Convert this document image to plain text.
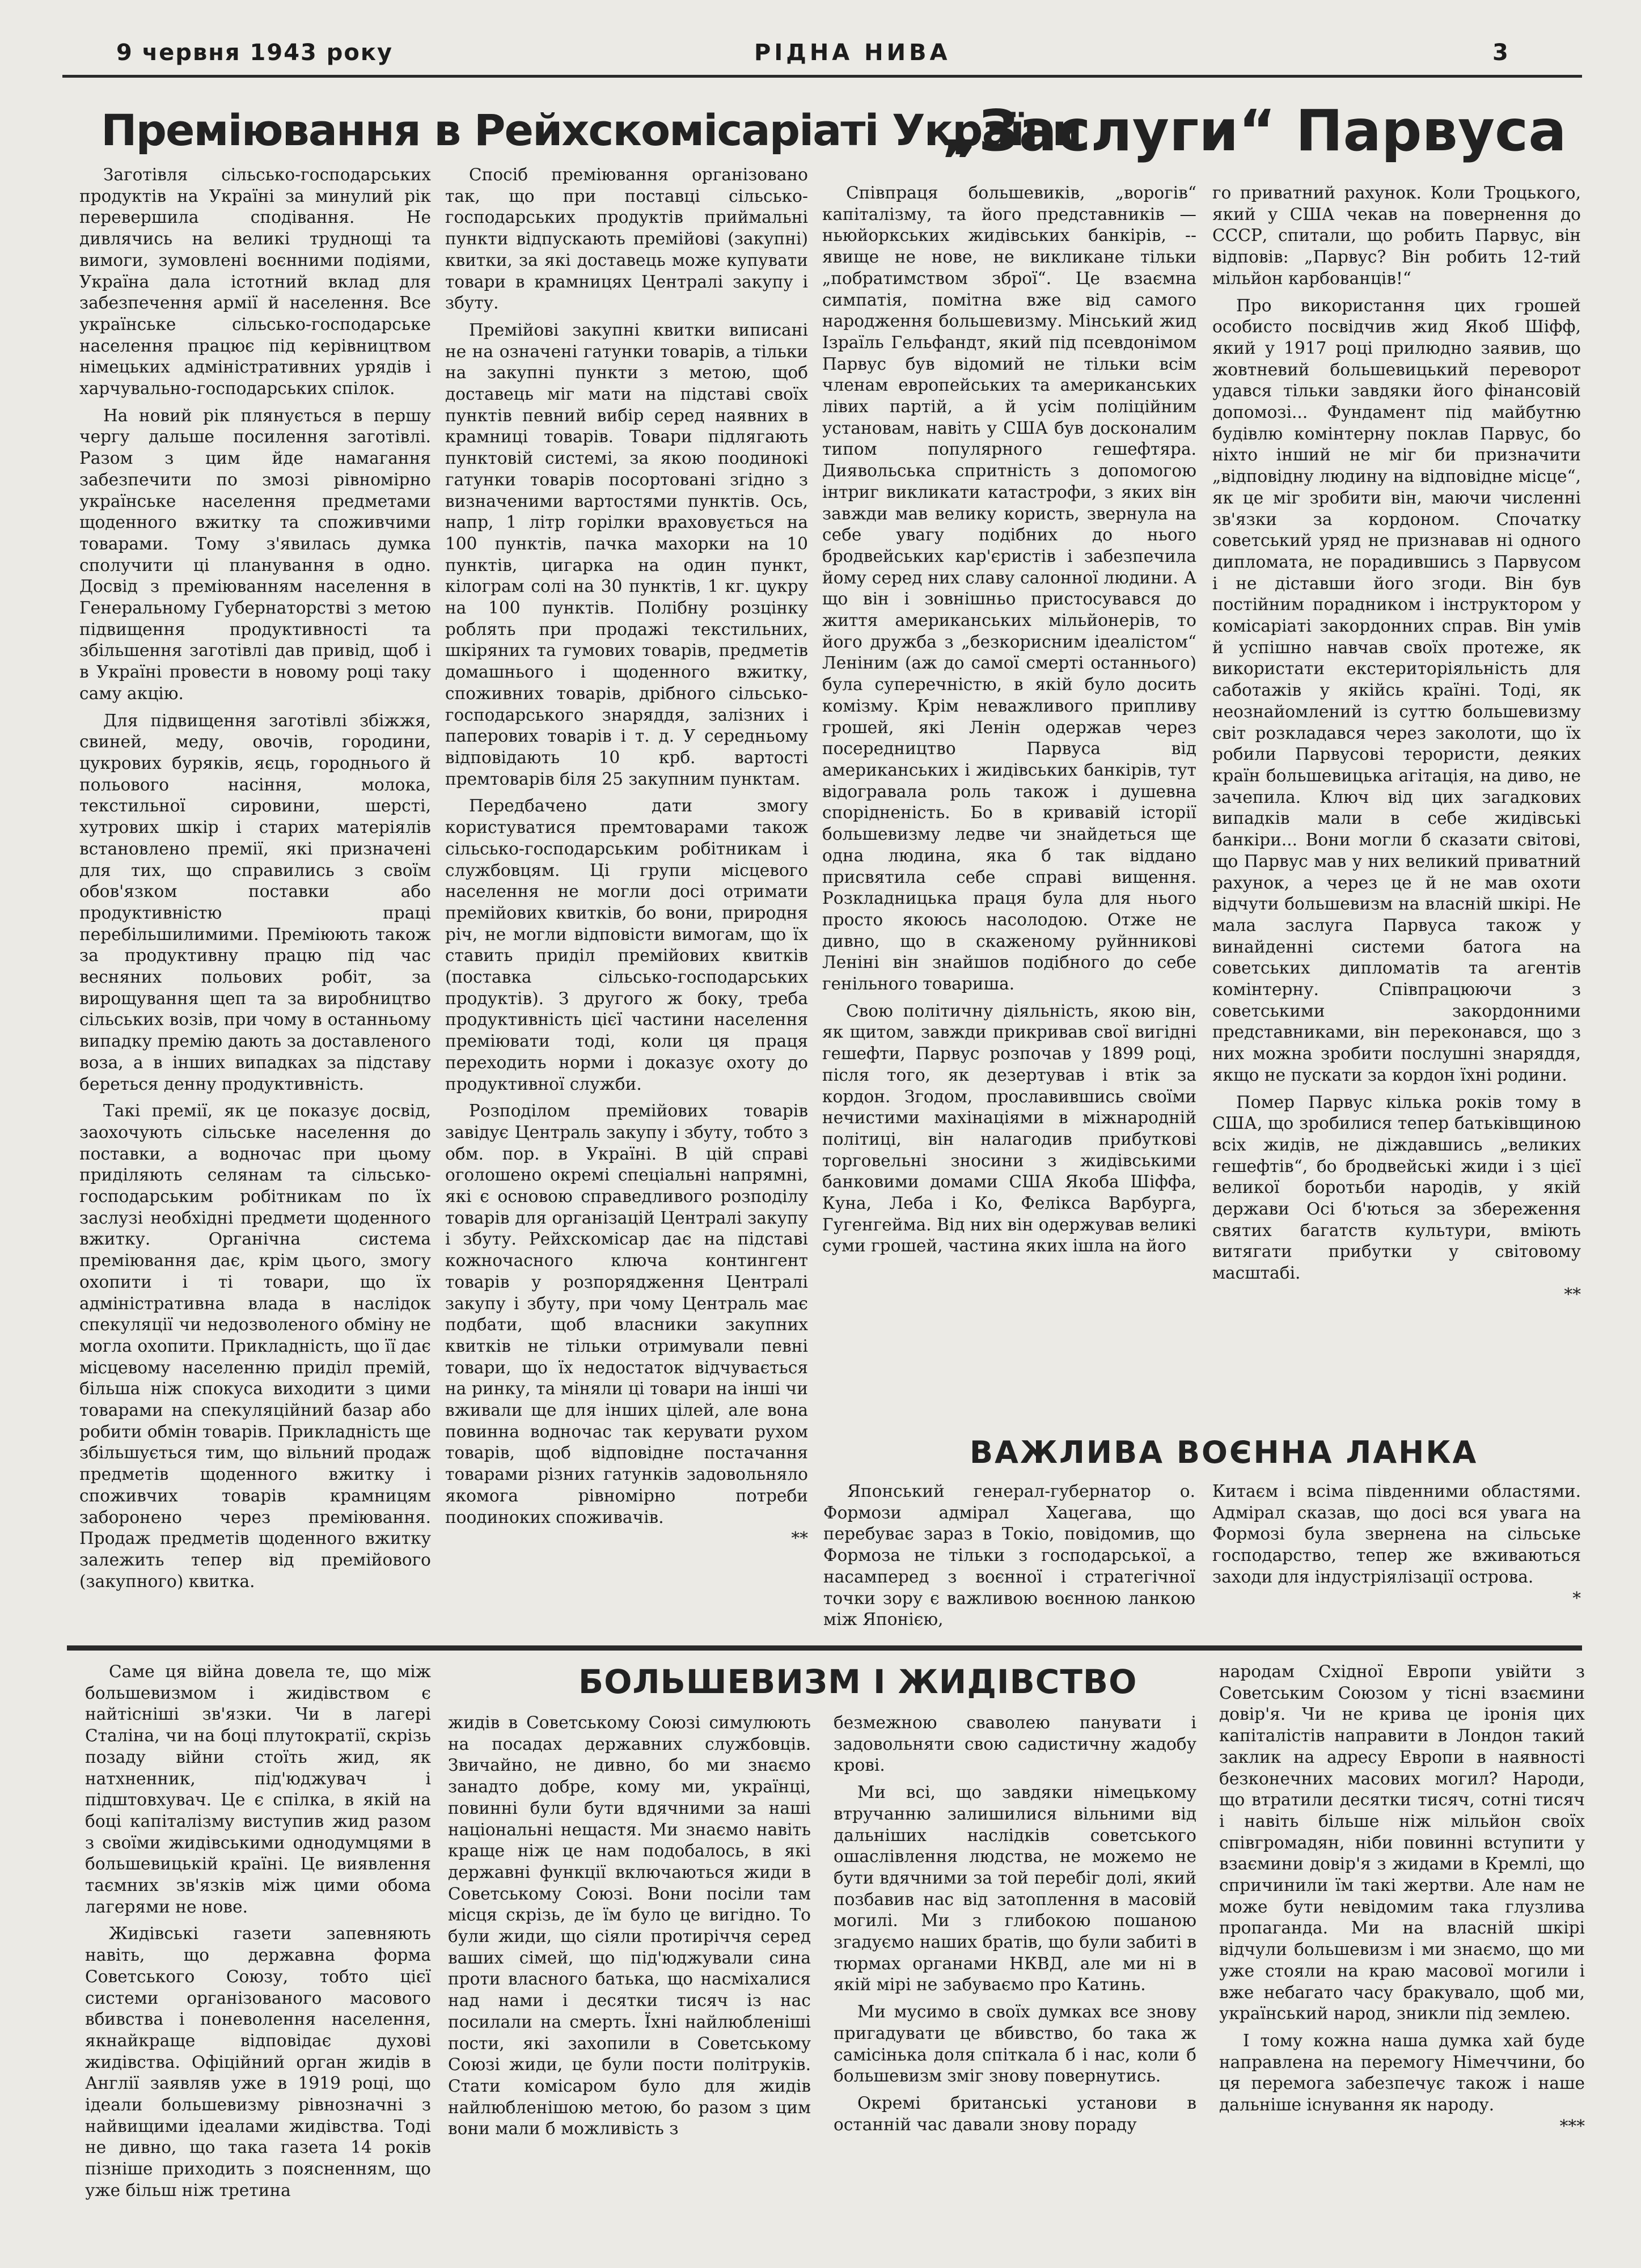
9 червня 1943 року	РІДНА НИВА	3
Преміювання в Рейхскомісаріаті України

Заготівля сільсько-господарських продуктів на Україні за минулий рік перевершила сподівання. Не дивлячись на великі труднощі та вимоги, зумовлені воєнними подіями, Україна дала істотний вклад для забезпечення армії й населення. Все українське сільсько-господарське населення працює під керівництвом німецьких адміністративних урядів і харчувально-господарських спілок.

На новий рік плянується в першу чергу дальше посилення заготівлі. Разом з цим йде намагання забезпечити по змозі рівномірно українське населення предметами щоденного вжитку та споживчими товарами. Тому з'явилась думка сполучити ці планування в одно. Досвід з преміюванням населення в Генеральному Губернаторстві з метою підвищення продуктивності та збільшення заготівлі дав привід, щоб і в Україні провести в новому році таку саму акцію.

Для підвищення заготівлі збіжжя, свиней, меду, овочів, городини, цукрових буряків, яєць, городнього й польового насіння, молока, текстильної сировини, шерсті, хутрових шкір і старих матеріялів встановлено премії, які призначені для тих, що справились з своїм обов'язком поставки або продуктивністю праці перебільшилимими. Преміюють також за продуктивну працю під час весняних польових робіт, за вирощування щеп та за виробництво сільських возів, при чому в останньому випадку премію дають за доставленого воза, а в інших випадках за підставу береться денну продуктивність.

Такі премії, як це показує досвід, заохочують сільське населення до поставки, а водночас при цьому приділяють селянам та сільсько-господарським робітникам по їх заслузі необхідні предмети щоденного вжитку. Органічна система преміювання дає, крім цього, змогу охопити і ті товари, що їх адміністративна влада в наслідок спекуляції чи недозволеного обміну не могла охопити. Прикладність, що її дає місцевому населенню приділ премій, більша ніж спокуса виходити з цими товарами на спекуляційний базар або робити обмін товарів. Прикладність ще збільшується тим, що вільний продаж предметів щоденного вжитку і споживчих товарів крамницям заборонено через преміювання. Продаж предметів щоденного вжитку залежить тепер від премійового (закупного) квитка.

Спосіб преміювання організовано так, що при поставці сільсько-господарських продуктів приймальні пункти відпускають премійові (закупні) квитки, за які доставець може купувати товари в крамницях Централі закупу і збуту.

Премійові закупні квитки виписані не на означені гатунки товарів, а тільки на закупні пункти з метою, щоб доставець міг мати на підставі своїх пунктів певний вибір серед наявних в крамниці товарів. Товари підлягають пунктовій системі, за якою поодинокі гатунки товарів посортовані згідно з визначеними вартостями пунктів. Ось, напр, 1 літр горілки враховується на 100 пунктів, пачка махорки на 10 пунктів, цигарка на один пункт, кілограм солі на 30 пунктів, 1 кг. цукру на 100 пунктів. Полібну розцінку роблять при продажі текстильних, шкіряних та гумових товарів, предметів домашнього і щоденного вжитку, споживних товарів, дрібного сільсько-господарського знаряддя, залізних і паперових товарів і т. д. У середньому відповідають 10 крб. вартості премтоварів біля 25 закупним пунктам.

Передбачено дати змогу користуватися премтоварами також сільсько-господарським робітникам і службовцям. Ці групи місцевого населення не могли досі отримати премійових квитків, бо вони, природня річ, не могли відповісти вимогам, що їх ставить приділ премійових квитків (поставка сільсько-господарських продуктів). З другого ж боку, треба продуктивність цієї частини населення преміювати тоді, коли ця праця переходить норми і доказує охоту до продуктивної служби.

Розподілом премійових товарів завідує Централь закупу і збуту, тобто з обм. пор. в Україні. В цій справі оголошено окремі спеціальні напрямні, які є основою справедливого розподілу товарів для організацій Централі закупу і збуту. Рейхскомісар дає на підставі кожночасного ключа контингент товарів у розпорядження Централі закупу і збуту, при чому Централь має подбати, щоб власники закупних квитків не тільки отримували певні товари, що їх недостаток відчувається на ринку, та міняли ці товари на інші чи вживали ще для інших цілей, але вона повинна водночас так керувати рухом товарів, щоб відповідне постачання товарами різних гатунків задовольняло якомога рівномірно потреби поодиноких споживачів.

**
„Заслуги“ Парвуса

Співпраця большевиків, „ворогів“ капіталізму, та його представників — ньюйоркських жидівських банкірів, -- явище не нове, не викликане тільки „побратимством зброї“. Це взаємна симпатія, помітна вже від самого народження большевизму. Мінський жид Ізраїль Гельфандт, який під псевдонімом Парвус був відомий не тільки всім членам европейських та американських лівих партій, а й усім поліційним установам, навіть у США був досконалим типом популярного гешефтяра. Диявольська спритність з допомогою інтриг викликати катастрофи, з яких він завжди мав велику користь, звернула на себе увагу подібних до нього бродвейських кар'єристів і забезпечила йому серед них славу салонної людини. А що він і зовнішньо пристосувався до життя американських мільйонерів, то його дружба з „безкорисним ідеалістом“ Леніним (аж до самої смерті останнього) була суперечністю, в якій було досить комізму. Крім неважливого припливу грошей, які Ленін одержав через посередництво Парвуса від американських і жидівських банкірів, тут відогравала роль також і душевна спорідненість. Бо в кривавій історії большевизму ледве чи знайдеться ще одна людина, яка б так віддано присвятила себе справі вищення. Розкладницька праця була для нього просто якоюсь насолодою. Отже не дивно, що в скаженому руйнникові Леніні він знайшов подібного до себе генільного товариша.

Свою політичну діяльність, якою він, як щитом, завжди прикривав свої вигідні гешефти, Парвус розпочав у 1899 році, після того, як дезертував і втік за кордон. Згодом, прославившись своїми нечистими махінаціями в міжнародній політиці, він налагодив прибуткові торговельні зносини з жидівськими банковими домами США Якоба Шіффа, Куна, Леба і Ко, Фелікса Варбурга, Гугенгейма. Від них він одержував великі суми грошей, частина яких ішла на його

го приватний рахунок. Коли Троцького, який у США чекав на повернення до СССР, спитали, що робить Парвус, він відповів: „Парвус? Він робить 12-тий мільйон карбованців!“

Про використання цих грошей особисто посвідчив жид Якоб Шіфф, який у 1917 році прилюдно заявив, що жовтневий большевицький переворот удався тільки завдяки його фінансовій допомозі... Фундамент під майбутню будівлю комінтерну поклав Парвус, бо ніхто інший не міг би призначити „відповідну людину на відповідне місце“, як це міг зробити він, маючи численні зв'язки за кордоном. Спочатку советський уряд не признавав ні одного дипломата, не порадившись з Парвусом і не діставши його згоди. Він був постійним порадником і інструктором у комісаріаті закордонних справ. Він умів й успішно навчав своїх протеже, як використати екстериторіяльність для саботажів у якійсь країні. Тоді, як неознайомлений із суттю большевизму світ розкладався через заколоти, що їх робили Парвусові терористи, деяких країн большевицька агітація, на диво, не зачепила. Ключ від цих загадкових випадків мали в себе жидівські банкіри... Вони могли б сказати світові, що Парвус мав у них великий приватний рахунок, а через це й не мав охоти відчути большевизм на власній шкірі. Не мала заслуга Парвуса також у винайденні системи батога на советських дипломатів та агентів комінтерну. Співпрацюючи з советськими закордонними представниками, він переконався, що з них можна зробити послушні знаряддя, якщо не пускати за кордон їхні родини.

Помер Парвус кілька років тому в США, що зробилися тепер батьківщиною всіх жидів, не діждавшись „великих гешефтів“, бо бродвейські жиди і з цієї великої боротьби народів, у якій держави Осі б'ються за збереження святих багатств культури, вміють витягати прибутки у світовому масштабі.

**
ВАЖЛИВА ВОЄННА ЛАНКА

Японський генерал-губернатор о. Формози адмірал Хацегава, що перебуває зараз в Токіо, повідомив, що Формоза не тільки з господарської, а насамперед з воєнної і стратегічної точки зору є важливою воєнною ланкою між Японією,

Китаєм і всіма південними областями. Адмірал сказав, що досі вся увага на Формозі була звернена на сільське господарство, тепер же вживаються заходи для індустріялізації острова.

*
БОЛЬШЕВИЗМ І ЖИДІВСТВО

Саме ця війна довела те, що між большевизмом і жидівством є найтісніші зв'язки. Чи в лагері Сталіна, чи на боці плутократії, скрізь позаду війни стоїть жид, як натхненник, під'юджувач і підштовхувач. Це є спілка, в якій на боці капіталізму виступив жид разом з своїми жидівськими однодумцями в большевицькій країні. Це виявлення таємних зв'язків між цими обома лагерями не нове.

Жидівські газети запевняють навіть, що державна форма Советського Союзу, тобто цієї системи організованого масового вбивства і поневолення населення, якнайкраще відповідає духові жидівства. Офіційний орган жидів в Англії заявляв уже в 1919 році, що ідеали большевизму рівнозначні з найвищими ідеалами жидівства. Тоді не дивно, що така газета 14 років пізніше приходить з поясненням, що уже більш ніж третина

жидів в Советському Союзі симулюють на посадах державних службовців. Звичайно, не дивно, бо ми знаємо занадто добре, кому ми, українці, повинні були бути вдячними за наші національні нещастя. Ми знаємо навіть краще ніж це нам подобалось, в які державні функції включаються жиди в Советському Союзі. Вони посіли там місця скрізь, де їм було це вигідно. То були жиди, що сіяли протиріччя серед ваших сімей, що під'юджували сина проти власного батька, що насміхалися над нами і десятки тисяч із нас посилали на смерть. Їхні найлюбленіші пости, які захопили в Советському Союзі жиди, це були пости політруків. Стати комісаром було для жидів найлюбленішою метою, бо разом з цим вони мали б можливість з

безмежною сваволею панувати і задовольняти свою садистичну жадобу крові.

Ми всі, що завдяки німецькому втручанню залишилися вільними від дальніших наслідків советського ошаслівлення людства, не можемо не бути вдячними за той перебіг долі, який позбавив нас від затоплення в масовій могилі. Ми з глибокою пошаною згадуємо наших братів, що були забиті в тюрмах органами НКВД, але ми ні в якій мірі не забуваємо про Катинь.

Ми мусимо в своїх думках все знову пригадувати це вбивство, бо така ж самісінька доля спіткала б і нас, коли б большевизм зміг знову повернутись.

Окремі британські установи в останній час давали знову пораду

народам Східної Европи увійти з Советським Союзом у тісні взаємини довір'я. Чи не крива це іронія цих капіталістів направити в Лондон такий заклик на адресу Европи в наявності безконечних масових могил? Народи, що втратили десятки тисяч, сотні тисяч і навіть більше ніж мільйон своїх співгромадян, ніби повинні вступити у взаємини довір'я з жидами в Кремлі, що спричинили їм такі жертви. Але нам не може бути невідомим така глузлива пропаганда. Ми на власній шкірі відчули большевизм і ми знаємо, що ми уже стояли на краю масової могили і вже небагато часу бракувало, щоб ми, український народ, зникли під землею.

І тому кожна наша думка хай буде направлена на перемогу Німеччини, бо ця перемога забезпечує також і наше дальніше існування як народу.

***
